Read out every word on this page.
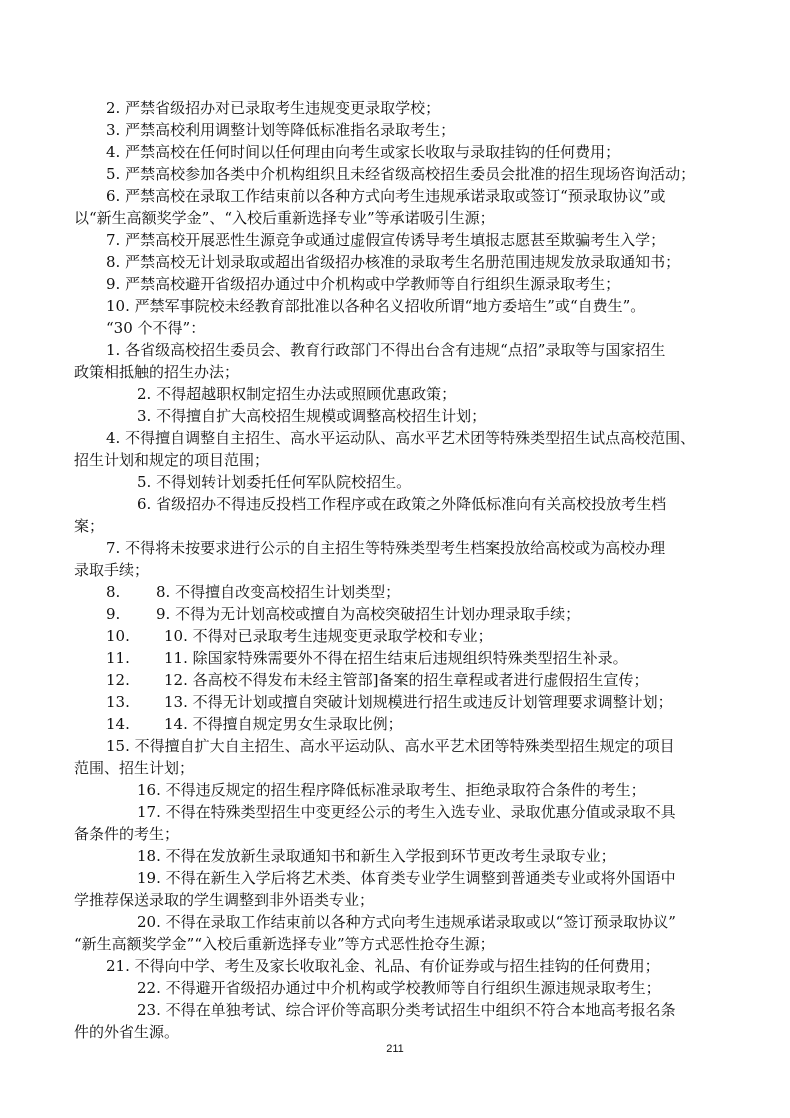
2. 严禁省级招办对已录取考生违规变更录取学校；
3. 严禁高校利用调整计划等降低标准指名录取考生；
4. 严禁高校在任何时间以任何理由向考生或家长收取与录取挂钩的任何费用；
5. 严禁高校参加各类中介机构组织且未经省级高校招生委员会批准的招生现场咨询活动；
6. 严禁高校在录取工作结束前以各种方式向考生违规承诺录取或签订“预录取协议”或
以“新生高额奖学金”、“入校后重新选择专业”等承诺吸引生源；
7. 严禁高校开展恶性生源竞争或通过虚假宣传诱导考生填报志愿甚至欺骗考生入学；
8. 严禁高校无计划录取或超出省级招办核准的录取考生名册范围违规发放录取通知书；
9. 严禁高校避开省级招办通过中介机构或中学教师等自行组织生源录取考生；
10. 严禁军事院校未经教育部批准以各种名义招收所谓“地方委培生”或“自费生”。
“30 个不得”：
1. 各省级高校招生委员会、教育行政部门不得出台含有违规“点招”录取等与国家招生
政策相抵触的招生办法；
2. 不得超越职权制定招生办法或照顾优惠政策；
3. 不得擅自扩大高校招生规模或调整高校招生计划；
4. 不得擅自调整自主招生、高水平运动队、高水平艺术团等特殊类型招生试点高校范围、
招生计划和规定的项目范围；
5. 不得划转计划委托任何军队院校招生。
6. 省级招办不得违反投档工作程序或在政策之外降低标准向有关高校投放考生档
案；
7. 不得将未按要求进行公示的自主招生等特殊类型考生档案投放给高校或为高校办理
录取手续；
8. 8. 不得擅自改变高校招生计划类型；
9. 9. 不得为无计划高校或擅自为高校突破招生计划办理录取手续；
10. 10. 不得对已录取考生违规变更录取学校和专业；
11. 11. 除国家特殊需要外不得在招生结束后违规组织特殊类型招生补录。
12. 12. 各高校不得发布未经主管部]备案的招生章程或者进行虚假招生宣传；
13. 13. 不得无计划或擅自突破计划规模进行招生或违反计划管理要求调整计划；
14. 14. 不得擅自规定男女生录取比例；
15. 不得擅自扩大自主招生、高水平运动队、高水平艺术团等特殊类型招生规定的项目
范围、招生计划；
16. 不得违反规定的招生程序降低标准录取考生、拒绝录取符合条件的考生；
17. 不得在特殊类型招生中变更经公示的考生入选专业、录取优惠分值或录取不具
备条件的考生；
18. 不得在发放新生录取通知书和新生入学报到环节更改考生录取专业；
19. 不得在新生入学后将艺术类、体育类专业学生调整到普通类专业或将外国语中
学推荐保送录取的学生调整到非外语类专业；
20. 不得在录取工作结束前以各种方式向考生违规承诺录取或以“签订预录取协议”
“新生高额奖学金”“入校后重新选择专业”等方式恶性抢夺生源；
21. 不得向中学、考生及家长收取礼金、礼品、有价证券或与招生挂钩的任何费用；
22. 不得避开省级招办通过中介机构或学校教师等自行组织生源违规录取考生；
23. 不得在单独考试、综合评价等高职分类考试招生中组织不符合本地高考报名条
件的外省生源。
211
